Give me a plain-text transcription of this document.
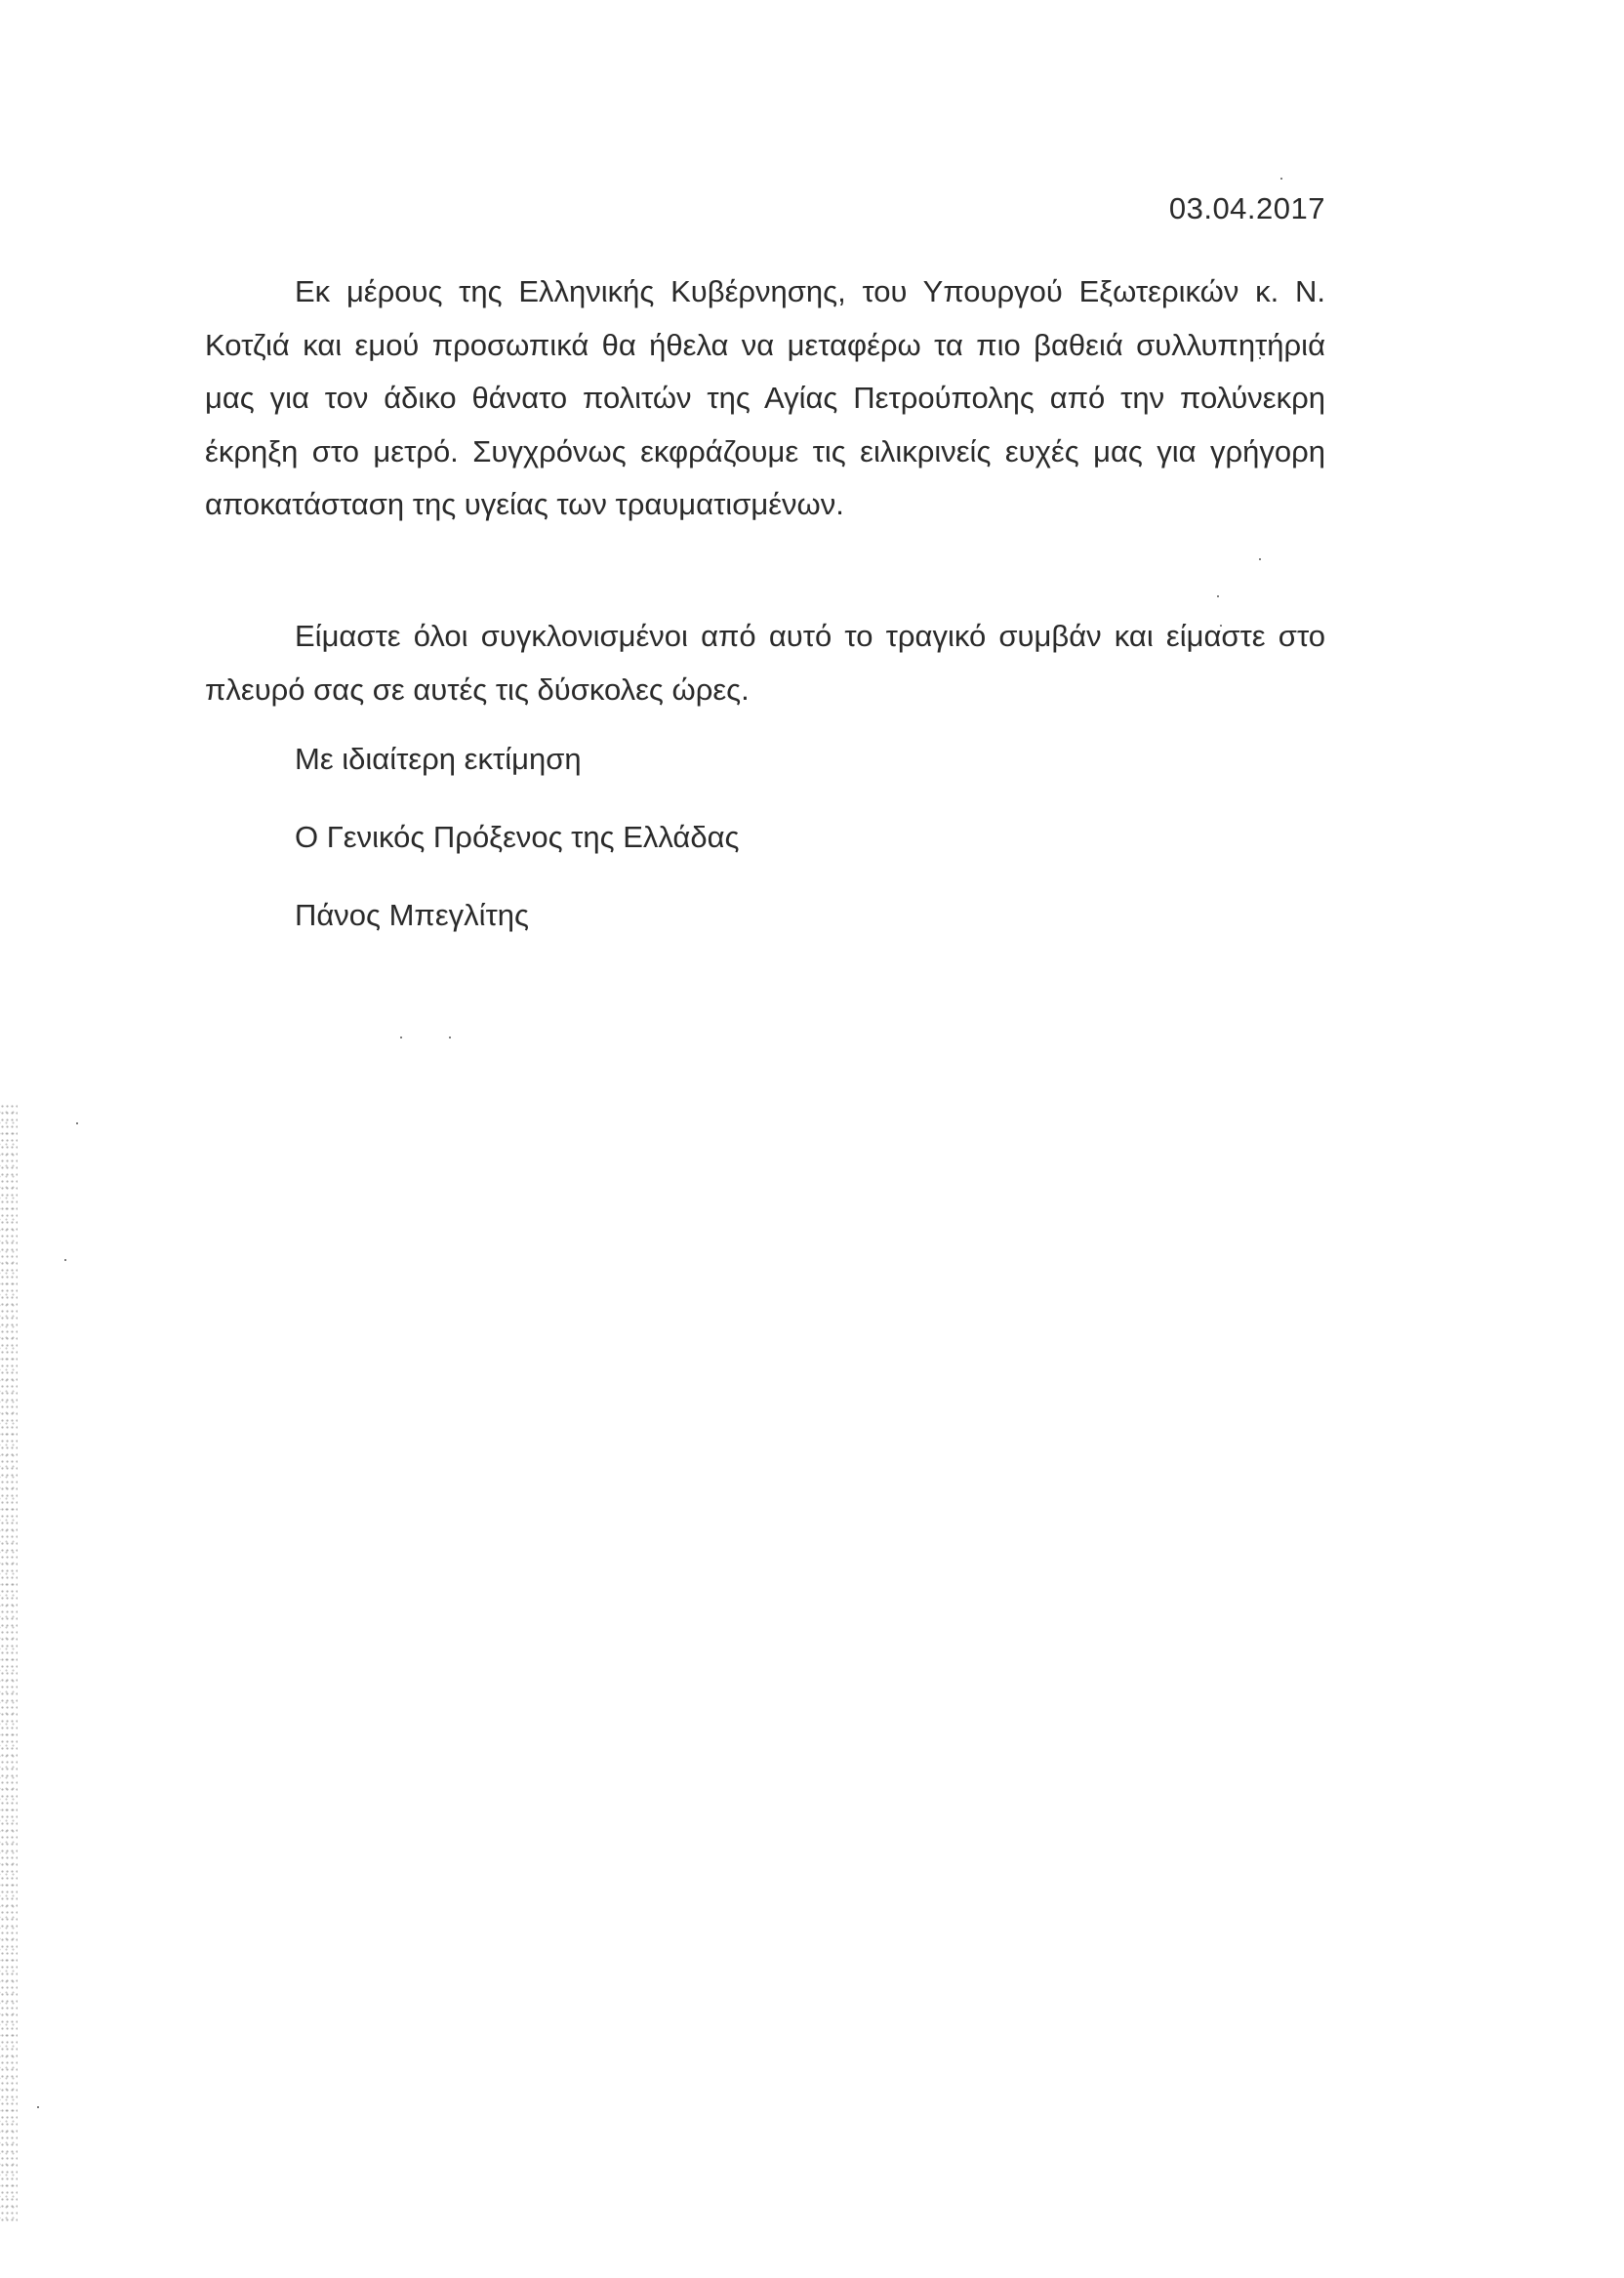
03.04.2017

Εκ μέρους της Ελληνικής Κυβέρνησης, του Υπουργού Εξωτερικών κ. Ν. Κοτζιά και εμού προσωπικά θα ήθελα να μεταφέρω τα πιο βαθειά συλλυπητήριά μας για τον άδικο θάνατο πολιτών της Αγίας Πετρούπολης από την πολύνεκρη έκρηξη στο μετρό. Συγχρόνως εκφράζουμε τις ειλικρινείς ευχές μας για γρήγορη αποκατάσταση της υγείας των τραυματισμένων.

Είμαστε όλοι συγκλονισμένοι από αυτό το τραγικό συμβάν και είμαστε στο πλευρό σας σε αυτές τις δύσκολες ώρες.

Με ιδιαίτερη εκτίμηση

Ο Γενικός Πρόξενος της Ελλάδας

Πάνος Μπεγλίτης
